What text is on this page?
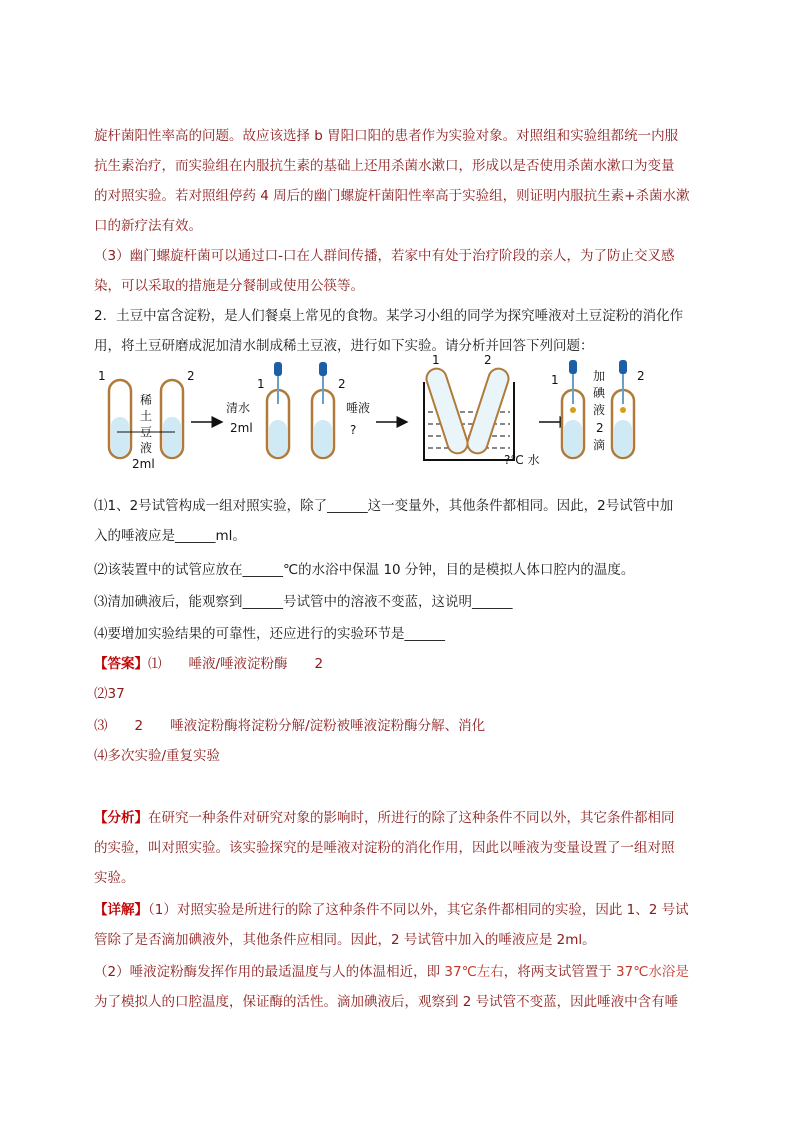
旋杆菌阳性率高的问题。故应该选择 b 胃阳口阳的患者作为实验对象。对照组和实验组都统一内服
抗生素治疗，而实验组在内服抗生素的基础上还用杀菌水漱口，形成以是否使用杀菌水漱口为变量
的对照实验。若对照组停药 4 周后的幽门螺旋杆菌阳性率高于实验组，则证明内服抗生素+杀菌水漱
口的新疗法有效。
（3）幽门螺旋杆菌可以通过口-口在人群间传播，若家中有处于治疗阶段的亲人，为了防止交叉感
染，可以采取的措施是分餐制或使用公筷等。
2．土豆中富含淀粉，是人们餐桌上常见的食物。某学习小组的同学为探究唾液对土豆淀粉的消化作
用，将土豆研磨成泥加清水制成稀土豆液，进行如下实验。请分析并回答下列问题：
1	2
稀
土
豆
液
2ml
1	2
清水
2ml
唾液
?
1	2
?℃ 水
1	2
加
碘
液
2
滴
⑴1、2号试管构成一组对照实验，除了______这一变量外，其他条件都相同。因此，2号试管中加
入的唾液应是______ml。
⑵该装置中的试管应放在______℃的水浴中保温 10 分钟，目的是模拟人体口腔内的温度。
⑶清加碘液后，能观察到______号试管中的溶液不变蓝，这说明______
⑷要增加实验结果的可靠性，还应进行的实验环节是______
【答案】⑴　　唾液/唾液淀粉酶　　2
⑵37
⑶　　2　　唾液淀粉酶将淀粉分解/淀粉被唾液淀粉酶分解、消化
⑷多次实验/重复实验
【分析】在研究一种条件对研究对象的影响时，所进行的除了这种条件不同以外，其它条件都相同
的实验，叫对照实验。该实验探究的是唾液对淀粉的消化作用，因此以唾液为变量设置了一组对照
实验。
【详解】（1）对照实验是所进行的除了这种条件不同以外，其它条件都相同的实验，因此 1、2 号试
管除了是否滴加碘液外，其他条件应相同。因此，2 号试管中加入的唾液应是 2ml。
（2）唾液淀粉酶发挥作用的最适温度与人的体温相近，即 37℃左右，将两支试管置于 37℃水浴是
为了模拟人的口腔温度，保证酶的活性。滴加碘液后，观察到 2 号试管不变蓝，因此唾液中含有唾
